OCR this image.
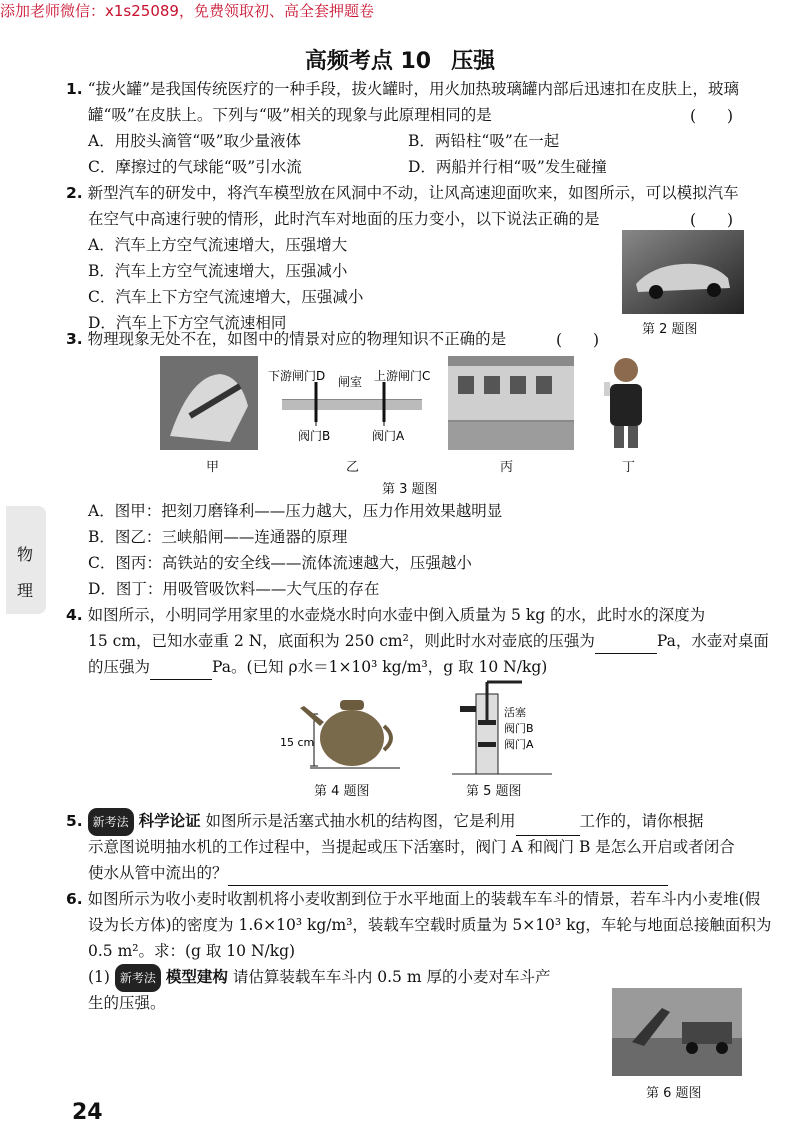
添加老师微信：x1s25089，免费领取初、高全套押题卷
高频考点 10 压强
物
理
1. “拔火罐”是我国传统医疗的一种手段，拔火罐时，用火加热玻璃罐内部后迅速扣在皮肤上，玻璃
罐“吸”在皮肤上。下列与“吸”相关的现象与此原理相同的是	(　　)
A．用胶头滴管“吸”取少量液体	B．两铅柱“吸”在一起
C．摩擦过的气球能“吸”引水流	D．两船并行相“吸”发生碰撞
2. 新型汽车的研发中，将汽车模型放在风洞中不动，让风高速迎面吹来，如图所示，可以模拟汽车
在空气中高速行驶的情形，此时汽车对地面的压力变小，以下说法正确的是	(　　)
A．汽车上方空气流速增大，压强增大
B．汽车上方空气流速增大，压强减小
C．汽车上下方空气流速增大，压强减小
D．汽车上下方空气流速相同	第 2 题图
3. 物理现象无处不在，如图中的情景对应的物理知识不正确的是	(　　)
甲
下游闸门D 闸室 上游闸门C
阀门B	阀门A
乙	丙	丁
第 3 题图
A．图甲：把刻刀磨锋利——压力越大，压力作用效果越明显
B．图乙：三峡船闸——连通器的原理
C．图丙：高铁站的安全线——流体流速越大，压强越小
D．图丁：用吸管吸饮料——大气压的存在
4. 如图所示，小明同学用家里的水壶烧水时向水壶中倒入质量为 5 kg 的水，此时水的深度为
15 cm，已知水壶重 2 N，底面积为 250 cm²，则此时水对壶底的压强为	Pa，水壶对桌面
的压强为	Pa。(已知 ρ水＝1×10³ kg/m³，g 取 10 N/kg)
15 cm
第 4 题图
活塞
阀门B
阀门A
第 5 题图
5. 新考法 科学论证 如图所示是活塞式抽水机的结构图，它是利用	工作的，请你根据
示意图说明抽水机的工作过程中，当提起或压下活塞时，阀门 A 和阀门 B 是怎么开启或者闭合
使水从管中流出的？
6. 如图所示为收小麦时收割机将小麦收割到位于水平地面上的装载车车斗的情景，若车斗内小麦堆(假
设为长方体)的密度为 1.6×10³ kg/m³，装载车空载时质量为 5×10³ kg，车轮与地面总接触面积为
0.5 m²。求：(g 取 10 N/kg)
(1) 新考法 模型建构 请估算装载车车斗内 0.5 m 厚的小麦对车斗产
生的压强。
第 6 题图
24
